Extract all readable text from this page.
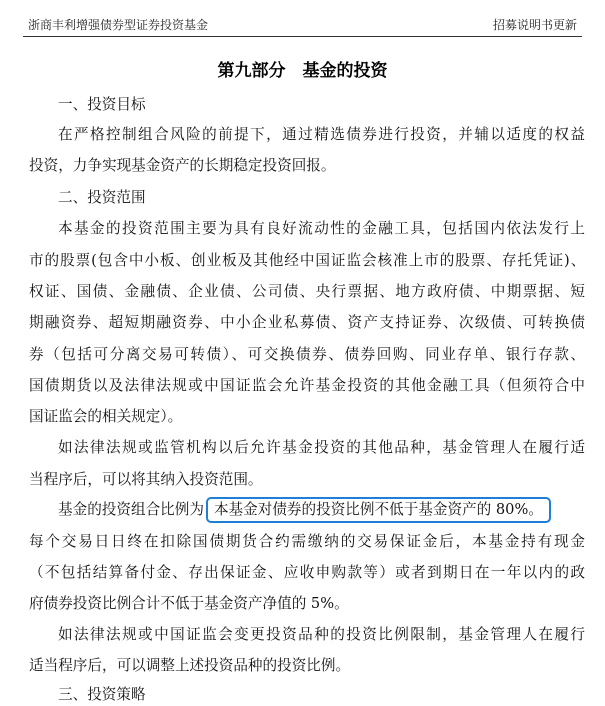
浙商丰利增强债券型证券投资基金	招募说明书更新
第九部分　基金的投资
一、投资目标
在严格控制组合风险的前提下，通过精选债券进行投资，并辅以适度的权益
投资，力争实现基金资产的长期稳定投资回报。
二、投资范围
本基金的投资范围主要为具有良好流动性的金融工具，包括国内依法发行上
市的股票(包含中小板、创业板及其他经中国证监会核准上市的股票、存托凭证)、
权证、国债、金融债、企业债、公司债、央行票据、地方政府债、中期票据、短
期融资券、超短期融资券、中小企业私募债、资产支持证券、次级债、可转换债
券（包括可分离交易可转债）、可交换债券、债券回购、同业存单、银行存款、
国债期货以及法律法规或中国证监会允许基金投资的其他金融工具（但须符合中
国证监会的相关规定）。
如法律法规或监管机构以后允许基金投资的其他品种，基金管理人在履行适
当程序后，可以将其纳入投资范围。
基金的投资组合比例为 本基金对债券的投资比例不低于基金资产的 80%。
每个交易日日终在扣除国债期货合约需缴纳的交易保证金后，本基金持有现金
（不包括结算备付金、存出保证金、应收申购款等）或者到期日在一年以内的政
府债券投资比例合计不低于基金资产净值的 5%。
如法律法规或中国证监会变更投资品种的投资比例限制，基金管理人在履行
适当程序后，可以调整上述投资品种的投资比例。
三、投资策略
